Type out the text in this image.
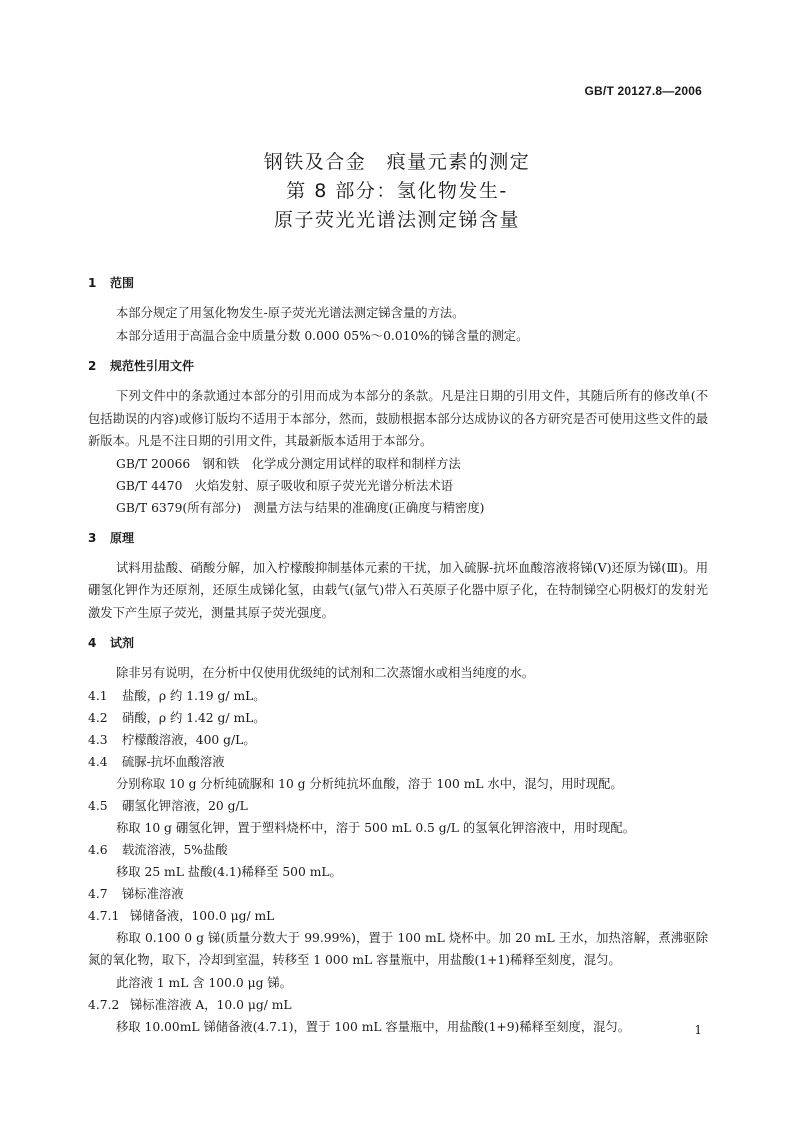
GB/T 20127.8—2006
钢铁及合金　痕量元素的测定
第 8 部分：氢化物发生-
原子荧光光谱法测定锑含量
1 范围
本部分规定了用氢化物发生-原子荧光光谱法测定锑含量的方法。
本部分适用于高温合金中质量分数 0.000 05%～0.010%的锑含量的测定。
2 规范性引用文件
下列文件中的条款通过本部分的引用而成为本部分的条款。凡是注日期的引用文件，其随后所有的修改单(不包括勘误的内容)或修订版均不适用于本部分，然而，鼓励根据本部分达成协议的各方研究是否可使用这些文件的最新版本。凡是不注日期的引用文件，其最新版本适用于本部分。
GB/T 20066　钢和铁　化学成分测定用试样的取样和制样方法
GB/T 4470　火焰发射、原子吸收和原子荧光光谱分析法术语
GB/T 6379(所有部分)　测量方法与结果的准确度(正确度与精密度)
3 原理
试料用盐酸、硝酸分解，加入柠檬酸抑制基体元素的干扰，加入硫脲-抗坏血酸溶液将锑(Ⅴ)还原为锑(Ⅲ)。用硼氢化钾作为还原剂，还原生成锑化氢，由载气(氩气)带入石英原子化器中原子化，在特制锑空心阴极灯的发射光激发下产生原子荧光，测量其原子荧光强度。
4 试剂
除非另有说明，在分析中仅使用优级纯的试剂和二次蒸馏水或相当纯度的水。
4.1 盐酸，ρ 约 1.19 g/ mL。
4.2 硝酸，ρ 约 1.42 g/ mL。
4.3 柠檬酸溶液，400 g/L。
4.4 硫脲-抗坏血酸溶液
分别称取 10 g 分析纯硫脲和 10 g 分析纯抗坏血酸，溶于 100 mL 水中，混匀，用时现配。
4.5 硼氢化钾溶液，20 g/L
称取 10 g 硼氢化钾，置于塑料烧杯中，溶于 500 mL 0.5 g/L 的氢氧化钾溶液中，用时现配。
4.6 载流溶液，5%盐酸
移取 25 mL 盐酸(4.1)稀释至 500 mL。
4.7 锑标准溶液
4.7.1 锑储备液，100.0 μg/ mL
称取 0.100 0 g 锑(质量分数大于 99.99%)，置于 100 mL 烧杯中。加 20 mL 王水，加热溶解，煮沸驱除氮的氧化物，取下，冷却到室温，转移至 1 000 mL 容量瓶中，用盐酸(1+1)稀释至刻度，混匀。
此溶液 1 mL 含 100.0 μg 锑。
4.7.2 锑标准溶液 A，10.0 μg/ mL
移取 10.00mL 锑储备液(4.7.1)，置于 100 mL 容量瓶中，用盐酸(1+9)稀释至刻度，混匀。	1
